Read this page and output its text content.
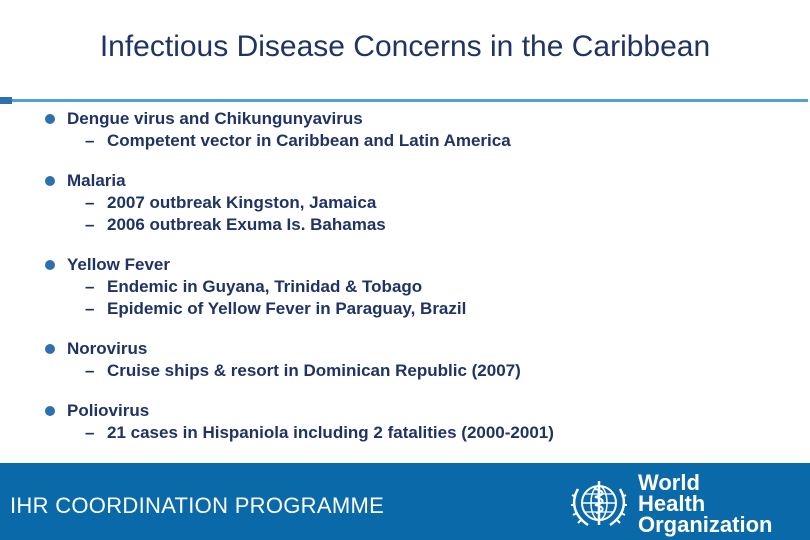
Infectious Disease Concerns in the Caribbean
Dengue virus and Chikungunyavirus
– Competent vector in Caribbean and Latin America
Malaria
– 2007 outbreak Kingston, Jamaica
– 2006 outbreak Exuma Is. Bahamas
Yellow Fever
– Endemic in Guyana, Trinidad & Tobago
– Epidemic of Yellow Fever in Paraguay, Brazil
Norovirus
– Cruise ships & resort in Dominican Republic (2007)
Poliovirus
– 21 cases in Hispaniola including 2 fatalities (2000-2001)
IHR COORDINATION PROGRAMME
World Health
Organization
